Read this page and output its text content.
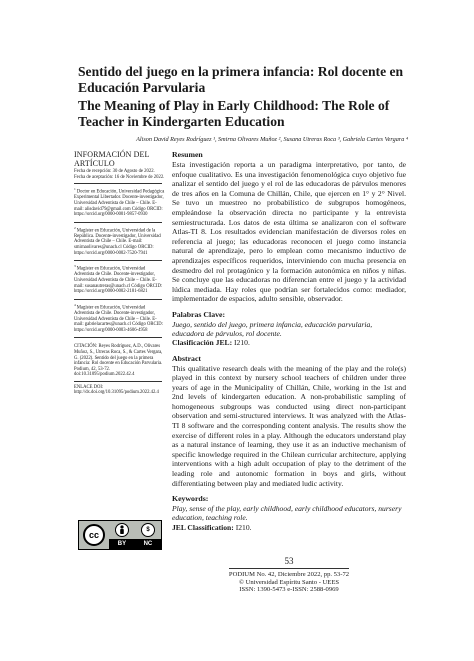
Sentido del juego en la primera infancia: Rol docente en Educación Parvularia
The Meaning of Play in Early Childhood: The Role of Teacher in Kindergarten Education
Alison David Reyes Rodríguez ¹, Smirna Olivares Muñoz ², Susana Utreras Roca ³, Gabriela Cartes Vergara ⁴
INFORMACIÓN DEL ARTÍCULO
Fecha de recepción: 30 de Agosto de 2022.
Fecha de aceptación: 16 de Noviembre de 2022.
$^1$Doctor en Educación, Universidad Pedagógica Experimental Libertador. Docente-investigador, Universidad Adventista de Chile – Chile. E-mail: alisdavid79@gmail.com Código ORCID: https://orcid.org/0000-0001-9857-0930
$^2$Magíster en Educación, Universidad de la República. Docente-investigador, Universidad Adventista de Chile – Chile. E-mail: smirnaolivares@unach.cl Código ORCID: https://orcid.org/0000-0002-7520-7941
$^3$Magíster en Educación, Universidad Adventista de Chile. Docente-investigador, Universidad Adventista de Chile – Chile. E-mail: susanautreras@unach.cl Código ORCID: https://orcid.org/0000-0002-2181-6821
$^4$Magíster en Educación, Universidad Adventista de Chile. Docente-investigador, Universidad Adventista de Chile – Chile. E-mail: gabrielacartes@unach.cl Código ORCID: https://orcid.org/0000-0003-4606-4958
CITACIÓN: Reyes Rodríguez, A.D., Olivares Muñoz, S., Utreras Roca, S., & Cartes Vergara, G. (2022). Sentido del juego en la primera infancia: Rol docente en Educación Parvularia. Podium, 42, 53-72. doi:10.31095/podium.2022.42.4
ENLACE DOI:
http://dx.doi.org/10.31095/podium.2022.42.4
cc	$
BY	NC
Resumen
Esta investigación reporta a un paradigma interpretativo, por tanto, de enfoque cualitativo. Es una investigación fenomenológica cuyo objetivo fue analizar el sentido del juego y el rol de las educadoras de párvulos menores de tres años en la Comuna de Chillán, Chile, que ejercen en 1° y 2° Nivel. Se tuvo un muestreo no probabilístico de subgrupos homogéneos, empleándose la observación directa no participante y la entrevista semiestructurada. Los datos de esta última se analizaron con el software Atlas-TI 8. Los resultados evidencian manifestación de diversos roles en referencia al juego; las educadoras reconocen el juego como instancia natural de aprendizaje, pero lo emplean como mecanismo inductivo de aprendizajes específicos requeridos, interviniendo con mucha presencia en desmedro del rol protagónico y la formación autonómica en niños y niñas. Se concluye que las educadoras no diferencian entre el juego y la actividad lúdica mediada. Hay roles que podrían ser fortalecidos como: mediador, implementador de espacios, adulto sensible, observador.
Palabras Clave:
Juego, sentido del juego, primera infancia, educación parvularia, educadora de párvulos, rol docente.
Clasificación JEL: I210.
Abstract
This qualitative research deals with the meaning of the play and the role(s) played in this context by nursery school teachers of children under three years of age in the Municipality of Chillán, Chile, working in the 1st and 2nd levels of kindergarten education. A non-probabilistic sampling of homogeneous subgroups was conducted using direct non-participant observation and semi-structured interviews. It was analyzed with the Atlas-TI 8 software and the corresponding content analysis. The results show the exercise of different roles in a play. Although the educators understand play as a natural instance of learning, they use it as an inductive mechanism of specific knowledge required in the Chilean curricular architecture, applying interventions with a high adult occupation of play to the detriment of the leading role and autonomic formation in boys and girls, without differentiating between play and mediated ludic activity.
Keywords:
Play, sense of the play, early childhood, early childhood educators, nursery education, teaching role.
JEL Classification: I210.
53
PODIUM No. 42, Diciembre 2022, pp. 53-72
© Universidad Espíritu Santo - UEES
ISSN: 1390-5473 e-ISSN: 2588-0969
